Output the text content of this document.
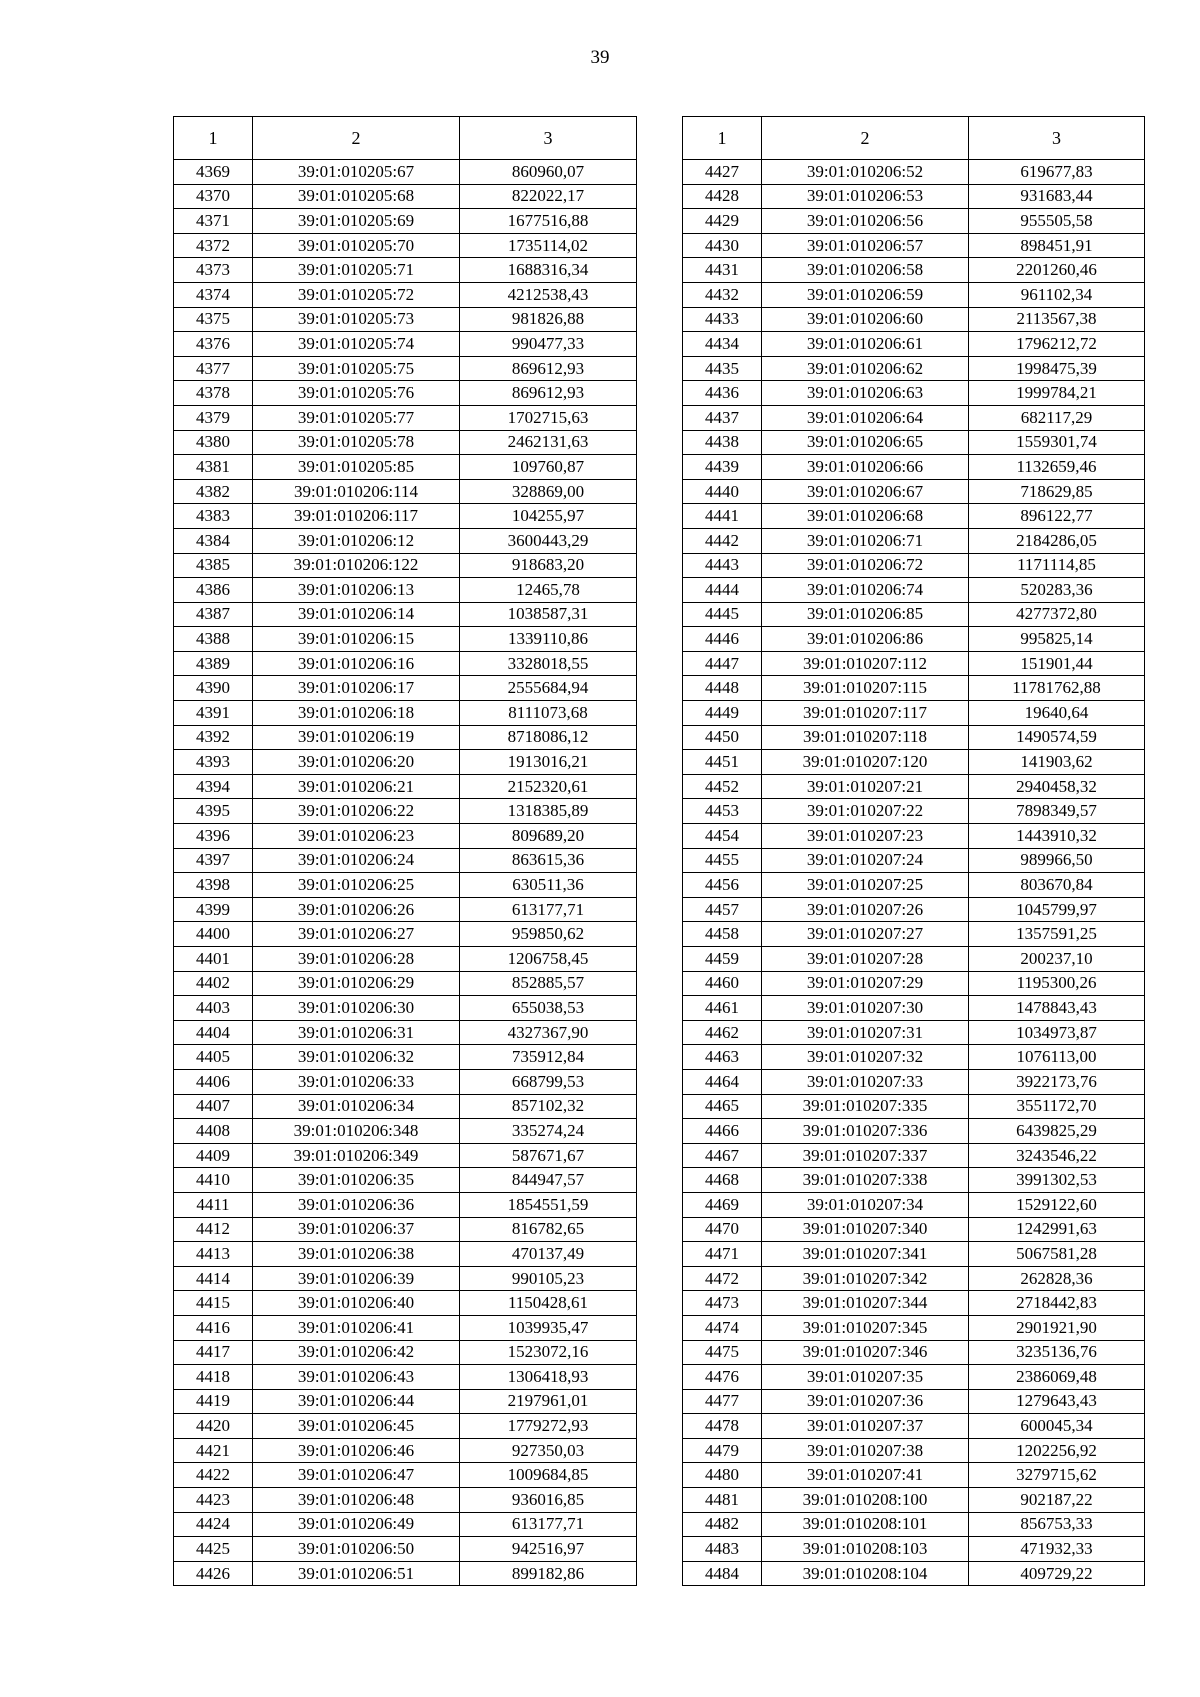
39
1	2	3
4369	39:01:010205:67	860960,07
4370	39:01:010205:68	822022,17
4371	39:01:010205:69	1677516,88
4372	39:01:010205:70	1735114,02
4373	39:01:010205:71	1688316,34
4374	39:01:010205:72	4212538,43
4375	39:01:010205:73	981826,88
4376	39:01:010205:74	990477,33
4377	39:01:010205:75	869612,93
4378	39:01:010205:76	869612,93
4379	39:01:010205:77	1702715,63
4380	39:01:010205:78	2462131,63
4381	39:01:010205:85	109760,87
4382	39:01:010206:114	328869,00
4383	39:01:010206:117	104255,97
4384	39:01:010206:12	3600443,29
4385	39:01:010206:122	918683,20
4386	39:01:010206:13	12465,78
4387	39:01:010206:14	1038587,31
4388	39:01:010206:15	1339110,86
4389	39:01:010206:16	3328018,55
4390	39:01:010206:17	2555684,94
4391	39:01:010206:18	8111073,68
4392	39:01:010206:19	8718086,12
4393	39:01:010206:20	1913016,21
4394	39:01:010206:21	2152320,61
4395	39:01:010206:22	1318385,89
4396	39:01:010206:23	809689,20
4397	39:01:010206:24	863615,36
4398	39:01:010206:25	630511,36
4399	39:01:010206:26	613177,71
4400	39:01:010206:27	959850,62
4401	39:01:010206:28	1206758,45
4402	39:01:010206:29	852885,57
4403	39:01:010206:30	655038,53
4404	39:01:010206:31	4327367,90
4405	39:01:010206:32	735912,84
4406	39:01:010206:33	668799,53
4407	39:01:010206:34	857102,32
4408	39:01:010206:348	335274,24
4409	39:01:010206:349	587671,67
4410	39:01:010206:35	844947,57
4411	39:01:010206:36	1854551,59
4412	39:01:010206:37	816782,65
4413	39:01:010206:38	470137,49
4414	39:01:010206:39	990105,23
4415	39:01:010206:40	1150428,61
4416	39:01:010206:41	1039935,47
4417	39:01:010206:42	1523072,16
4418	39:01:010206:43	1306418,93
4419	39:01:010206:44	2197961,01
4420	39:01:010206:45	1779272,93
4421	39:01:010206:46	927350,03
4422	39:01:010206:47	1009684,85
4423	39:01:010206:48	936016,85
4424	39:01:010206:49	613177,71
4425	39:01:010206:50	942516,97
4426	39:01:010206:51	899182,86
1	2	3
4427	39:01:010206:52	619677,83
4428	39:01:010206:53	931683,44
4429	39:01:010206:56	955505,58
4430	39:01:010206:57	898451,91
4431	39:01:010206:58	2201260,46
4432	39:01:010206:59	961102,34
4433	39:01:010206:60	2113567,38
4434	39:01:010206:61	1796212,72
4435	39:01:010206:62	1998475,39
4436	39:01:010206:63	1999784,21
4437	39:01:010206:64	682117,29
4438	39:01:010206:65	1559301,74
4439	39:01:010206:66	1132659,46
4440	39:01:010206:67	718629,85
4441	39:01:010206:68	896122,77
4442	39:01:010206:71	2184286,05
4443	39:01:010206:72	1171114,85
4444	39:01:010206:74	520283,36
4445	39:01:010206:85	4277372,80
4446	39:01:010206:86	995825,14
4447	39:01:010207:112	151901,44
4448	39:01:010207:115	11781762,88
4449	39:01:010207:117	19640,64
4450	39:01:010207:118	1490574,59
4451	39:01:010207:120	141903,62
4452	39:01:010207:21	2940458,32
4453	39:01:010207:22	7898349,57
4454	39:01:010207:23	1443910,32
4455	39:01:010207:24	989966,50
4456	39:01:010207:25	803670,84
4457	39:01:010207:26	1045799,97
4458	39:01:010207:27	1357591,25
4459	39:01:010207:28	200237,10
4460	39:01:010207:29	1195300,26
4461	39:01:010207:30	1478843,43
4462	39:01:010207:31	1034973,87
4463	39:01:010207:32	1076113,00
4464	39:01:010207:33	3922173,76
4465	39:01:010207:335	3551172,70
4466	39:01:010207:336	6439825,29
4467	39:01:010207:337	3243546,22
4468	39:01:010207:338	3991302,53
4469	39:01:010207:34	1529122,60
4470	39:01:010207:340	1242991,63
4471	39:01:010207:341	5067581,28
4472	39:01:010207:342	262828,36
4473	39:01:010207:344	2718442,83
4474	39:01:010207:345	2901921,90
4475	39:01:010207:346	3235136,76
4476	39:01:010207:35	2386069,48
4477	39:01:010207:36	1279643,43
4478	39:01:010207:37	600045,34
4479	39:01:010207:38	1202256,92
4480	39:01:010207:41	3279715,62
4481	39:01:010208:100	902187,22
4482	39:01:010208:101	856753,33
4483	39:01:010208:103	471932,33
4484	39:01:010208:104	409729,22
